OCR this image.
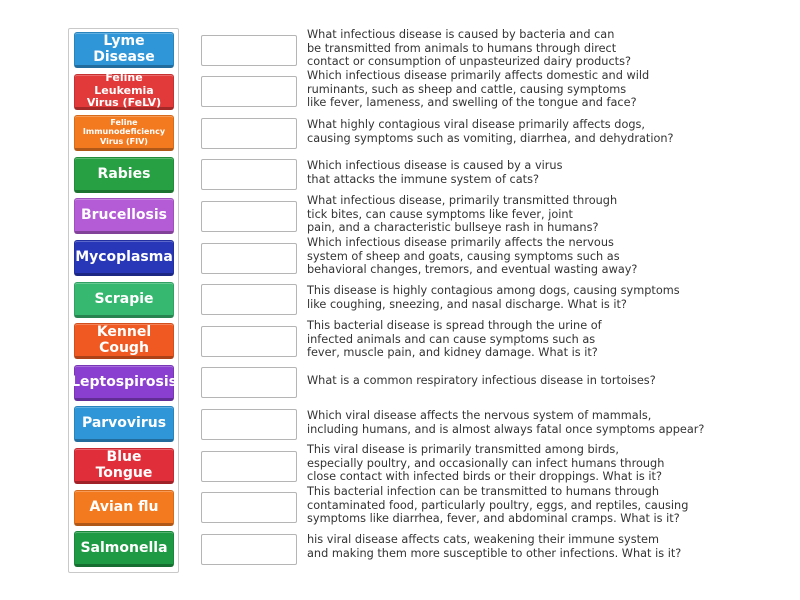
Lyme Disease
Feline Leukemia Virus (FeLV)
Feline Immunodeficiency Virus (FIV)
Rabies
Brucellosis
Mycoplasma
Scrapie
Kennel Cough
Leptospirosis
Parvovirus
Blue Tongue
Avian flu
Salmonella
What infectious disease is caused by bacteria and can
be transmitted from animals to humans through direct
contact or consumption of unpasteurized dairy products?
Which infectious disease primarily affects domestic and wild
ruminants, such as sheep and cattle, causing symptoms
like fever, lameness, and swelling of the tongue and face?
What highly contagious viral disease primarily affects dogs,
causing symptoms such as vomiting, diarrhea, and dehydration?
Which infectious disease is caused by a virus
that attacks the immune system of cats?
What infectious disease, primarily transmitted through
tick bites, can cause symptoms like fever, joint
pain, and a characteristic bullseye rash in humans?
Which infectious disease primarily affects the nervous
system of sheep and goats, causing symptoms such as
behavioral changes, tremors, and eventual wasting away?
This disease is highly contagious among dogs, causing symptoms
like coughing, sneezing, and nasal discharge. What is it?
This bacterial disease is spread through the urine of
infected animals and can cause symptoms such as
fever, muscle pain, and kidney damage. What is it?
What is a common respiratory infectious disease in tortoises?
Which viral disease affects the nervous system of mammals,
including humans, and is almost always fatal once symptoms appear?
This viral disease is primarily transmitted among birds,
especially poultry, and occasionally can infect humans through
close contact with infected birds or their droppings. What is it?
This bacterial infection can be transmitted to humans through
contaminated food, particularly poultry, eggs, and reptiles, causing
symptoms like diarrhea, fever, and abdominal cramps. What is it?
his viral disease affects cats, weakening their immune system
and making them more susceptible to other infections. What is it?
